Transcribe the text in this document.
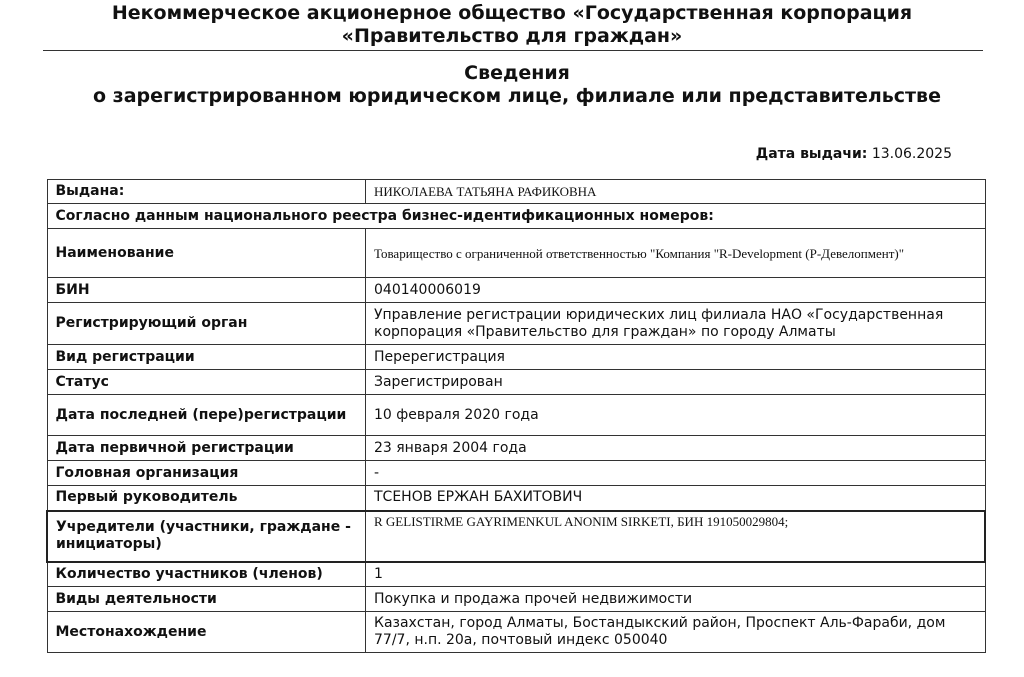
Некоммерческое акционерное общество «Государственная корпорация
«Правительство для граждан»
Сведения
о зарегистрированном юридическом лице, филиале или представительстве
Дата выдачи: 13.06.2025
Выдана:	НИКОЛАЕВА ТАТЬЯНА РАФИКОВНА
Согласно данным национального реестра бизнес-идентификационных номеров:	
Наименование	Товарищество с ограниченной ответственностью "Компания "R-Development (Р-Девелопмент)"
БИН	040140006019
Регистрирующий орган	Управление регистрации юридических лиц филиала НАО «Государственная корпорация «Правительство для граждан» по городу Алматы
Вид регистрации	Перерегистрация
Статус	Зарегистрирован
Дата последней (пере)регистрации	10 февраля 2020 года
Дата первичной регистрации	23 января 2004 года
Головная организация	-
Первый руководитель	ТСЕНОВ ЕРЖАН БАХИТОВИЧ
Учредители (участники, граждане - инициаторы)	R GELISTIRME GAYRIMENKUL ANONIM SIRKETI, БИН 191050029804;
Количество участников (членов)	1
Виды деятельности	Покупка и продажа прочей недвижимости
Местонахождение	Казахстан, город Алматы, Бостандыкский район, Проспект Аль-Фараби, дом 77/7, н.п. 20а, почтовый индекс 050040
